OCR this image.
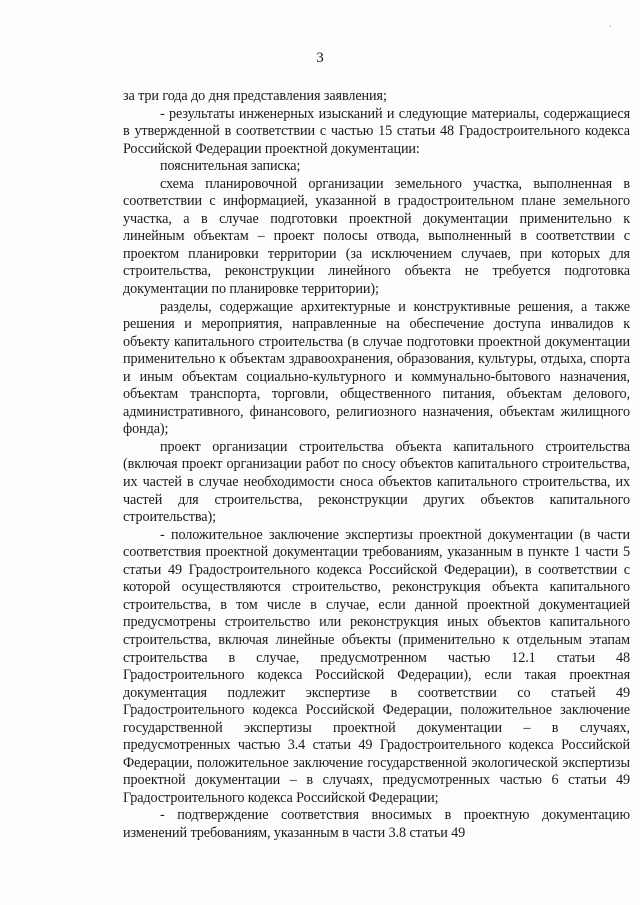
·
3

за три года до дня представления заявления;

- результаты инженерных изысканий и следующие материалы, содержащиеся в утвержденной в соответствии с частью 15 статьи 48 Градостроительного кодекса Российской Федерации проектной документации:

пояснительная записка;

схема планировочной организации земельного участка, выполненная в соответствии с информацией, указанной в градостроительном плане земельного участка, а в случае подготовки проектной документации применительно к линейным объектам – проект полосы отвода, выполненный в соответствии с проектом планировки территории (за исключением случаев, при которых для строительства, реконструкции линейного объекта не требуется подготовка документации по планировке территории);

разделы, содержащие архитектурные и конструктивные решения, а также решения и мероприятия, направленные на обеспечение доступа инвалидов к объекту капитального строительства (в случае подготовки проектной документации применительно к объектам здравоохранения, образования, культуры, отдыха, спорта и иным объектам социально-культурного и коммунально-бытового назначения, объектам транспорта, торговли, общественного питания, объектам делового, административного, финансового, религиозного назначения, объектам жилищного фонда);

проект организации строительства объекта капитального строительства (включая проект организации работ по сносу объектов капитального строительства, их частей в случае необходимости сноса объектов капитального строительства, их частей для строительства, реконструкции других объектов капитального строительства);

- положительное заключение экспертизы проектной документации (в части соответствия проектной документации требованиям, указанным в пункте 1 части 5 статьи 49 Градостроительного кодекса Российской Федерации), в соответствии с которой осуществляются строительство, реконструкция объекта капитального строительства, в том числе в случае, если данной проектной документацией предусмотрены строительство или реконструкция иных объектов капитального строительства, включая линейные объекты (применительно к отдельным этапам строительства в случае, предусмотренном частью 12.1 статьи 48 Градостроительного кодекса Российской Федерации), если такая проектная документация подлежит экспертизе в соответствии со статьей 49 Градостроительного кодекса Российской Федерации, положительное заключение государственной экспертизы проектной документации – в случаях, предусмотренных частью 3.4 статьи 49 Градостроительного кодекса Российской Федерации, положительное заключение государственной экологической экспертизы проектной документации – в случаях, предусмотренных частью 6 статьи 49 Градостроительного кодекса Российской Федерации;

- подтверждение соответствия вносимых в проектную документацию изменений требованиям, указанным в части 3.8 статьи 49
